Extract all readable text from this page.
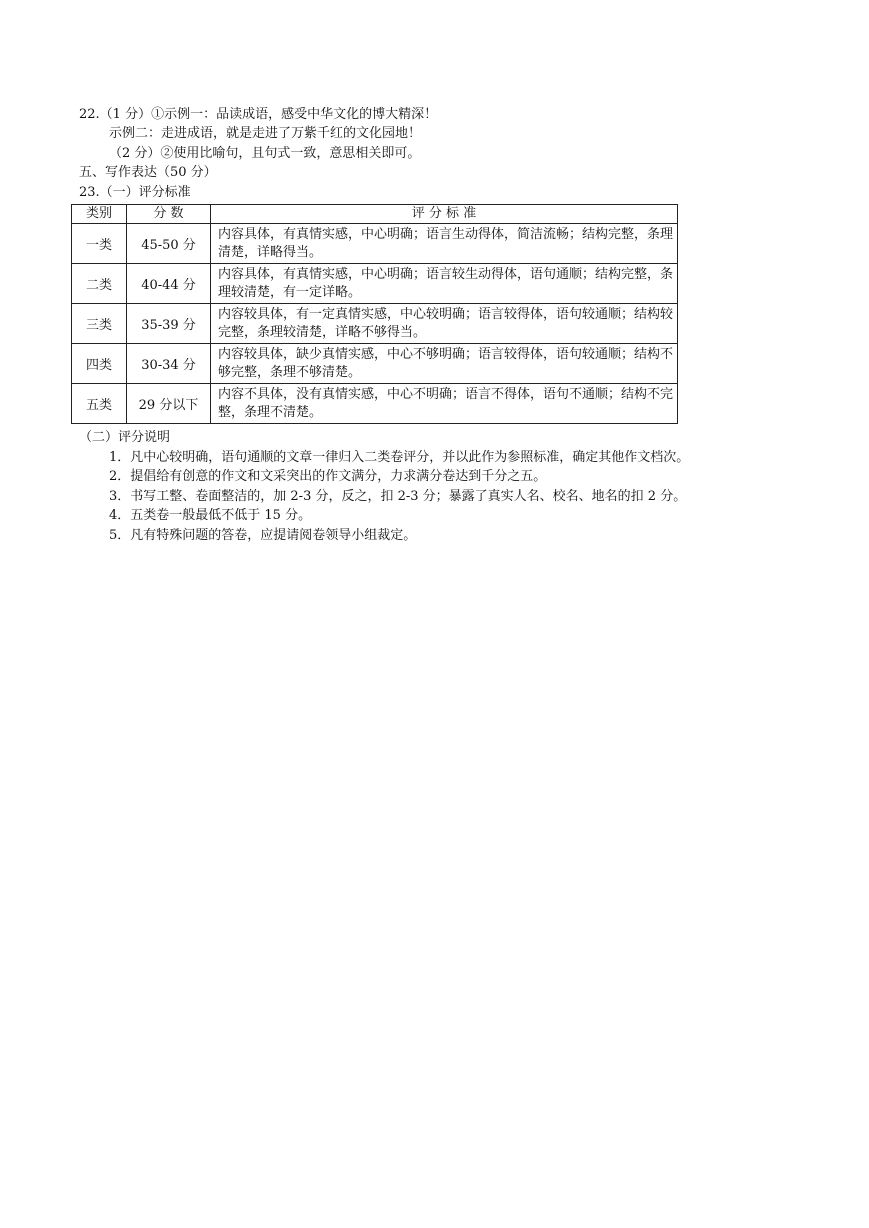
22.（1 分）①示例一：品读成语，感受中华文化的博大精深！
示例二：走进成语，就是走进了万紫千红的文化园地！
（2 分）②使用比喻句，且句式一致，意思相关即可。
五、写作表达（50 分）
23.（一）评分标准
类别	分 数	评 分 标 准
一类	45-50 分	内容具体，有真情实感，中心明确；语言生动得体，简洁流畅；结构完整，条理清楚，详略得当。
二类	40-44 分	内容具体，有真情实感，中心明确；语言较生动得体，语句通顺；结构完整，条理较清楚，有一定详略。
三类	35-39 分	内容较具体，有一定真情实感，中心较明确；语言较得体，语句较通顺；结构较完整，条理较清楚，详略不够得当。
四类	30-34 分	内容较具体，缺少真情实感，中心不够明确；语言较得体，语句较通顺；结构不够完整，条理不够清楚。
五类	29 分以下	内容不具体，没有真情实感，中心不明确；语言不得体，语句不通顺；结构不完整，条理不清楚。
（二）评分说明
1．凡中心较明确，语句通顺的文章一律归入二类卷评分，并以此作为参照标准，确定其他作文档次。
2．提倡给有创意的作文和文采突出的作文满分，力求满分卷达到千分之五。
3．书写工整、卷面整洁的，加 2-3 分，反之，扣 2-3 分；暴露了真实人名、校名、地名的扣 2 分。
4．五类卷一般最低不低于 15 分。
5．凡有特殊问题的答卷，应提请阅卷领导小组裁定。
